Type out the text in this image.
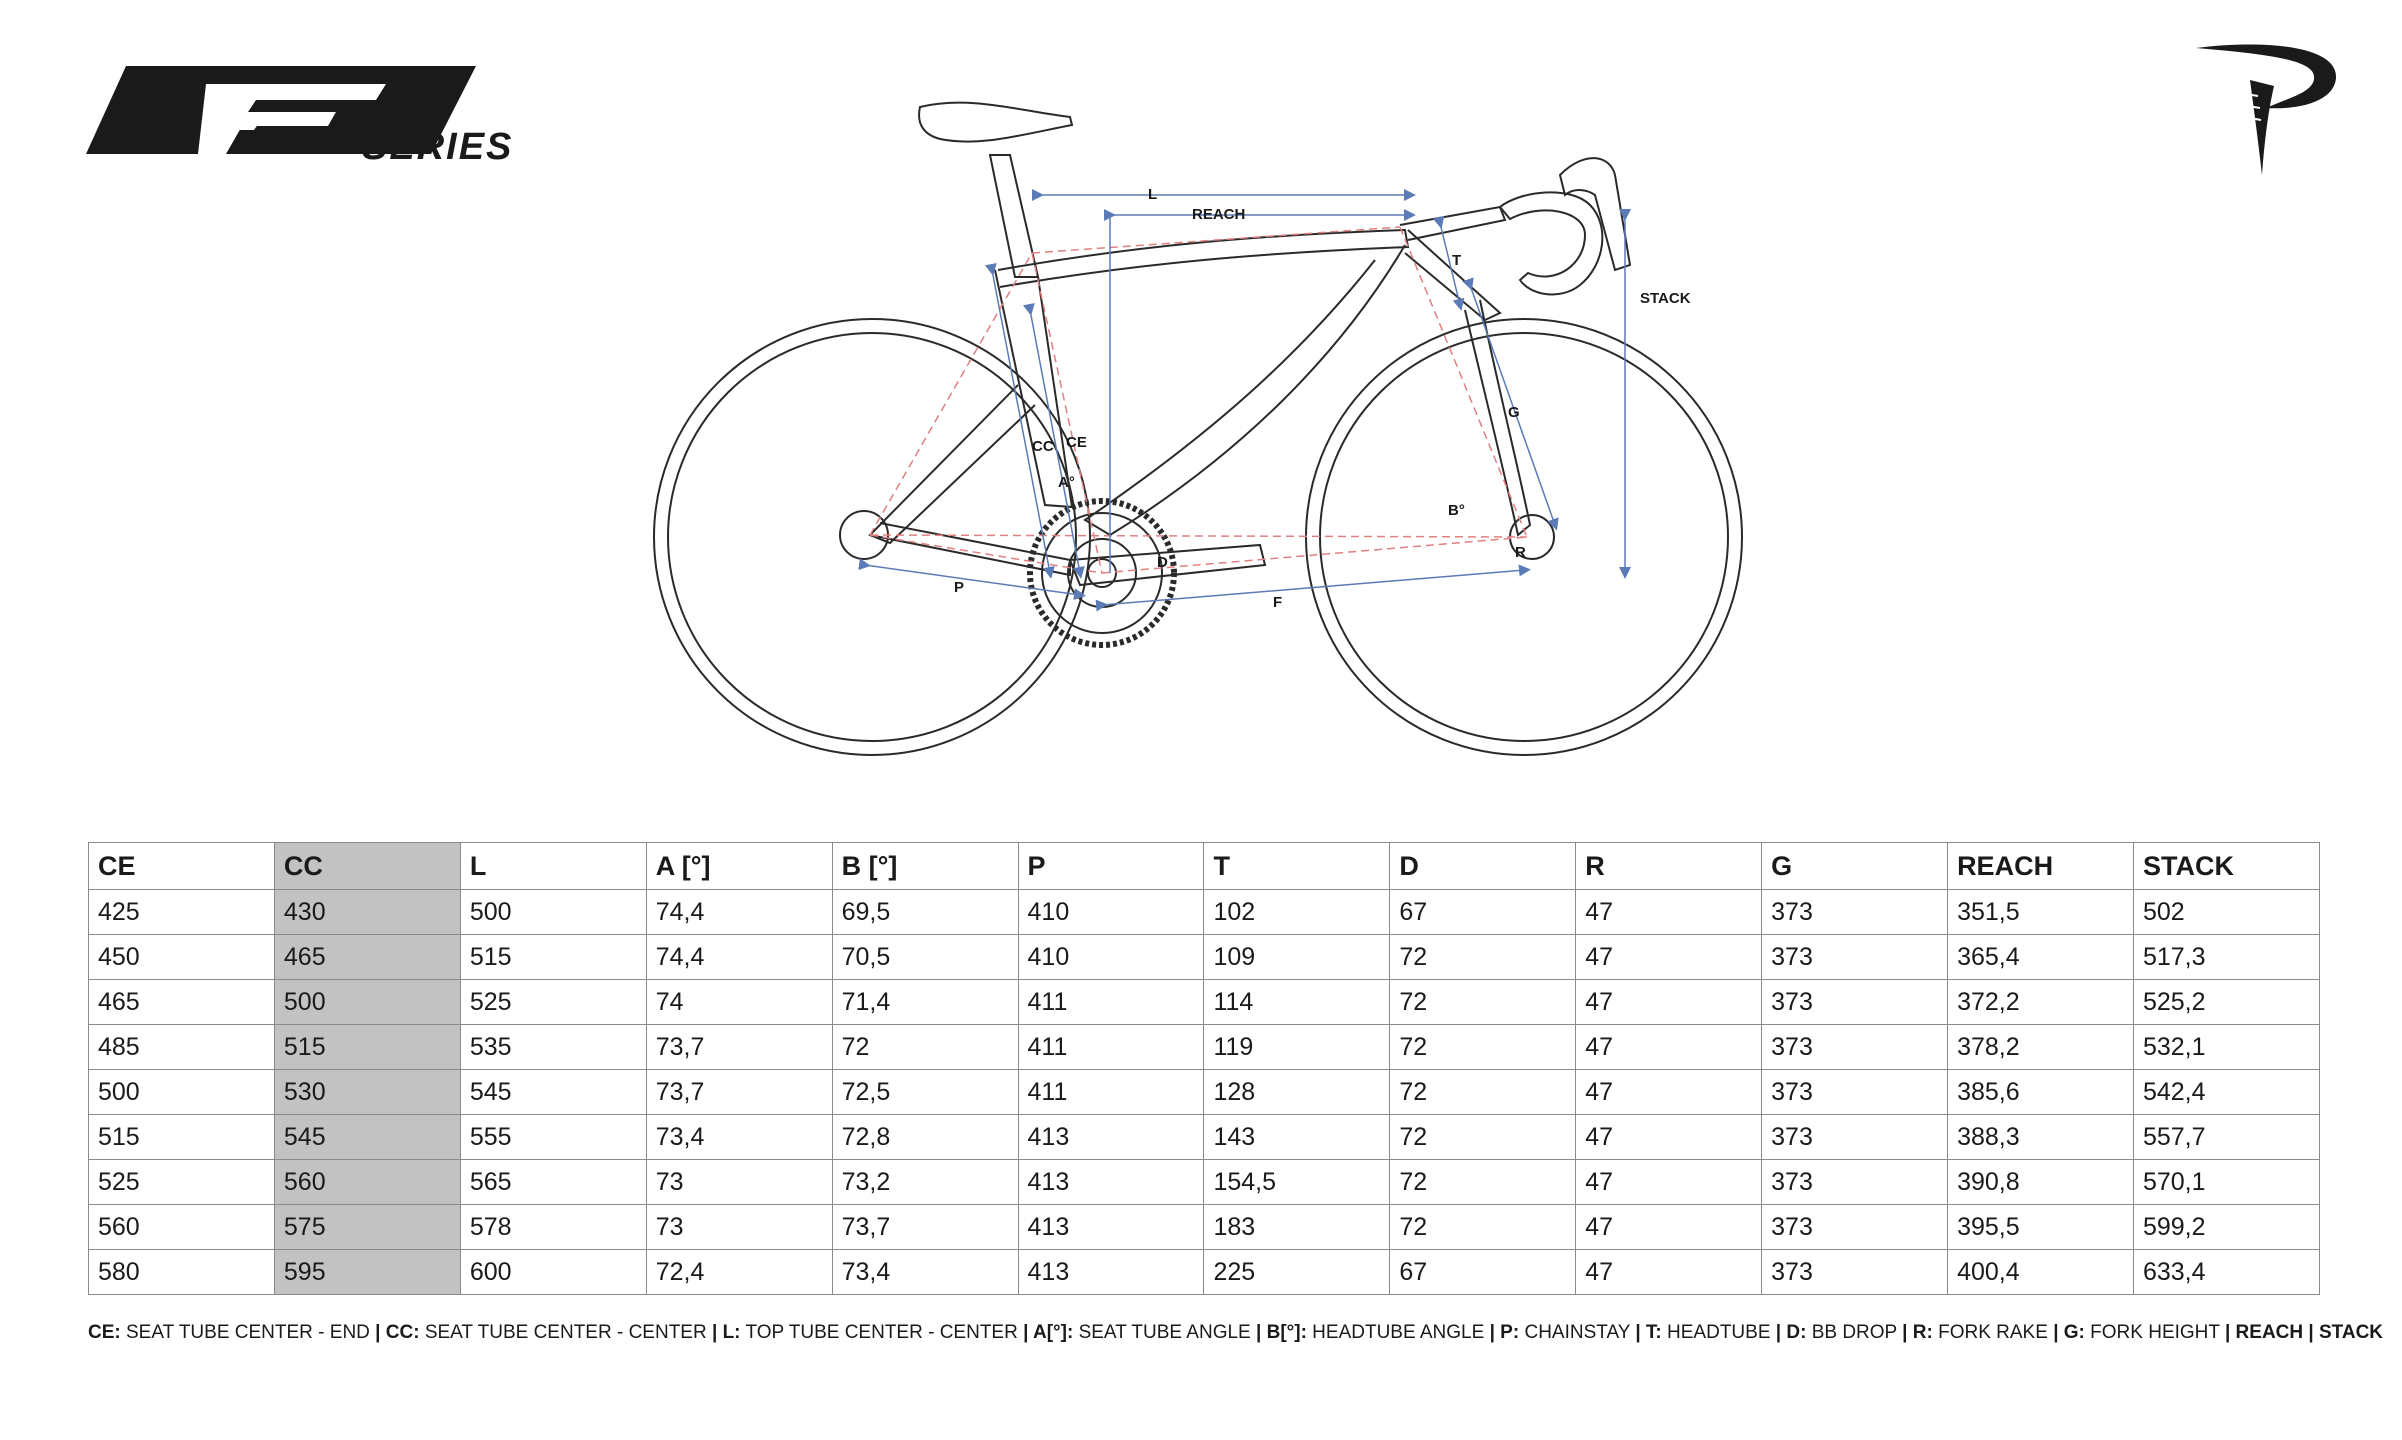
SERIES
L
REACH
STACK
T
G
CC CE
A°
B°
R
D
P
F
CE	CC	L	A [°]	B [°]	P	T	D	R	G	REACH	STACK
425	430	500	74,4	69,5	410	102	67	47	373	351,5	502
450	465	515	74,4	70,5	410	109	72	47	373	365,4	517,3
465	500	525	74	71,4	411	114	72	47	373	372,2	525,2
485	515	535	73,7	72	411	119	72	47	373	378,2	532,1
500	530	545	73,7	72,5	411	128	72	47	373	385,6	542,4
515	545	555	73,4	72,8	413	143	72	47	373	388,3	557,7
525	560	565	73	73,2	413	154,5	72	47	373	390,8	570,1
560	575	578	73	73,7	413	183	72	47	373	395,5	599,2
580	595	600	72,4	73,4	413	225	67	47	373	400,4	633,4
CE: SEAT TUBE CENTER - END | CC: SEAT TUBE CENTER - CENTER | L: TOP TUBE CENTER - CENTER | A[°]: SEAT TUBE ANGLE | B[°]: HEADTUBE ANGLE | P: CHAINSTAY | T: HEADTUBE | D: BB DROP | R: FORK RAKE | G: FORK HEIGHT | REACH | STACK
